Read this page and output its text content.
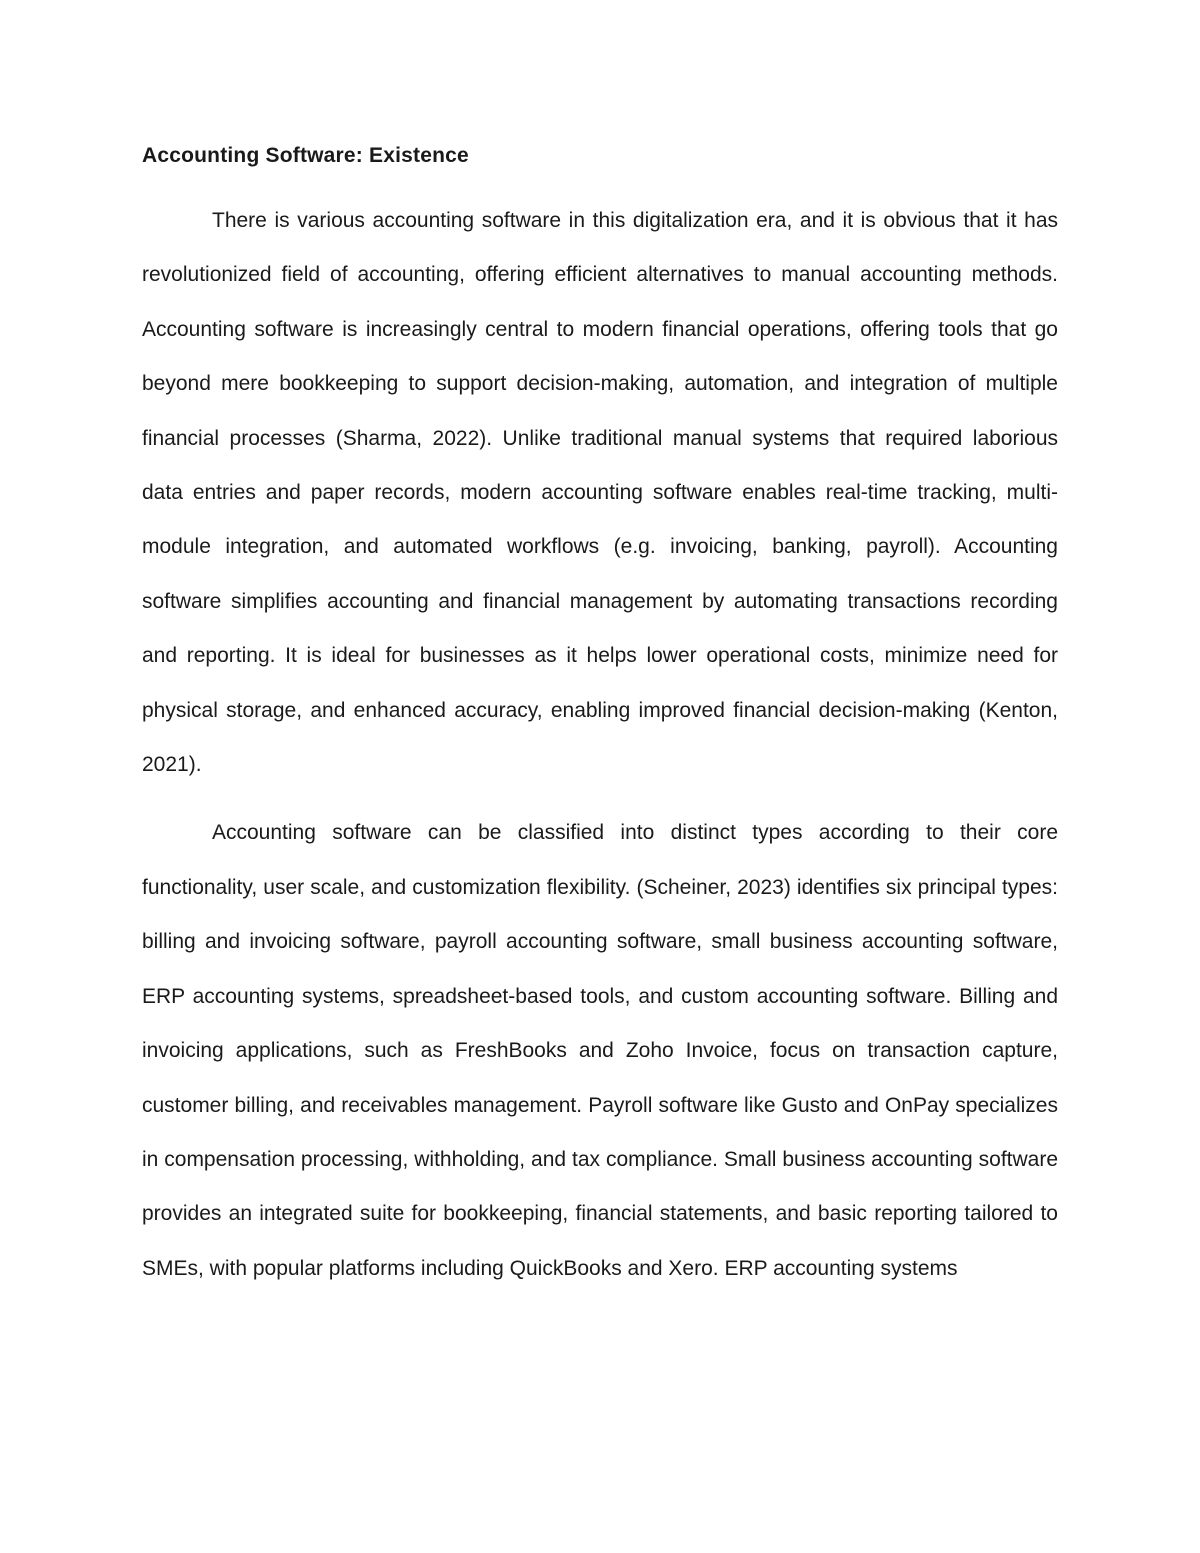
Accounting Software: Existence

There is various accounting software in this digitalization era, and it is obvious that it has revolutionized field of accounting, offering efficient alternatives to manual accounting methods. Accounting software is increasingly central to modern financial operations, offering tools that go beyond mere bookkeeping to support decision-making, automation, and integration of multiple financial processes (Sharma, 2022). Unlike traditional manual systems that required laborious data entries and paper records, modern accounting software enables real-time tracking, multi-module integration, and automated workflows (e.g. invoicing, banking, payroll). Accounting software simplifies accounting and financial management by automating transactions recording and reporting. It is ideal for businesses as it helps lower operational costs, minimize need for physical storage, and enhanced accuracy, enabling improved financial decision-making (Kenton, 2021).

Accounting software can be classified into distinct types according to their core functionality, user scale, and customization flexibility. (Scheiner, 2023) identifies six principal types: billing and invoicing software, payroll accounting software, small business accounting software, ERP accounting systems, spreadsheet-based tools, and custom accounting software. Billing and invoicing applications, such as FreshBooks and Zoho Invoice, focus on transaction capture, customer billing, and receivables management. Payroll software like Gusto and OnPay specializes in compensation processing, withholding, and tax compliance. Small business accounting software provides an integrated suite for bookkeeping, financial statements, and basic reporting tailored to SMEs, with popular platforms including QuickBooks and Xero. ERP accounting systems
